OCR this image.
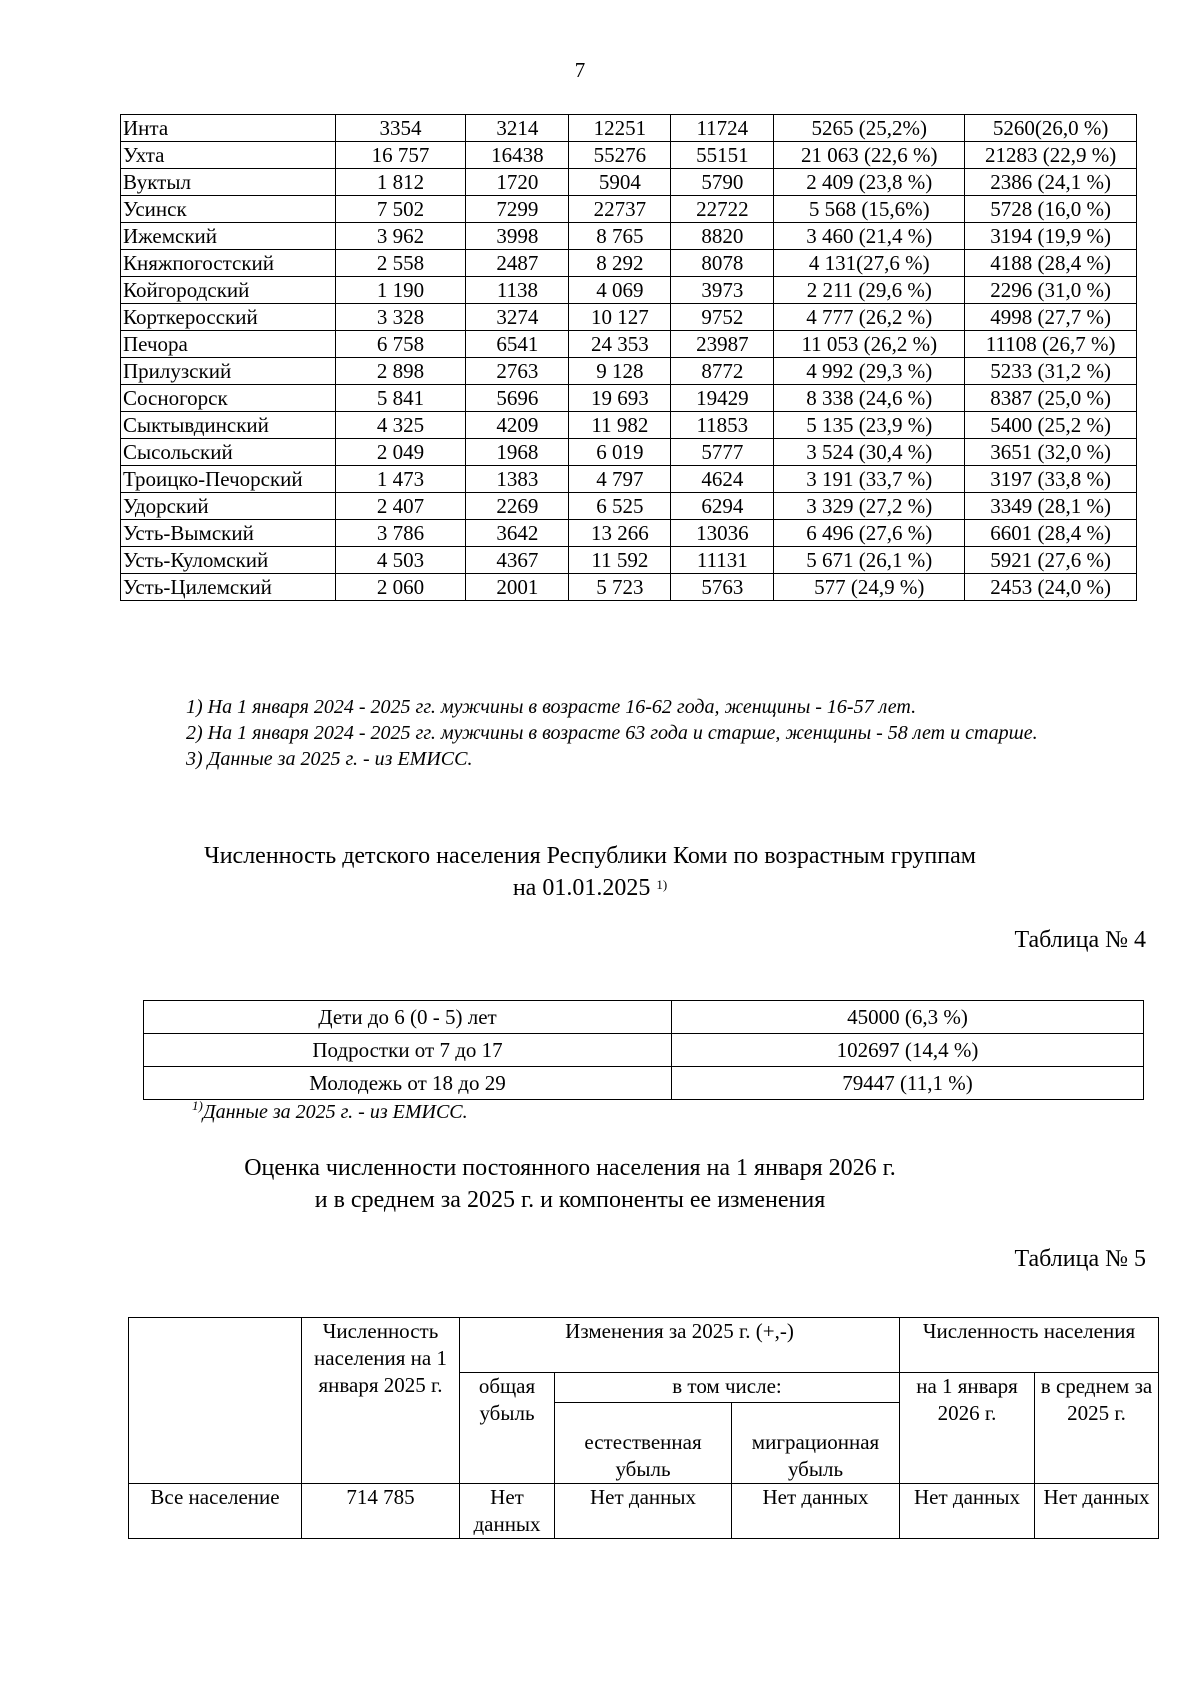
7
Инта	3354	3214	12251	11724	5265 (25,2%)	5260(26,0 %)
Ухта	16 757	16438	55276	55151	21 063 (22,6 %)	21283 (22,9 %)
Вуктыл	1 812	1720	5904	5790	2 409 (23,8 %)	2386 (24,1 %)
Усинск	7 502	7299	22737	22722	5 568 (15,6%)	5728 (16,0 %)
Ижемский	3 962	3998	8 765	8820	3 460 (21,4 %)	3194 (19,9 %)
Княжпогостский	2 558	2487	8 292	8078	4 131(27,6 %)	4188 (28,4 %)
Койгородский	1 190	1138	4 069	3973	2 211 (29,6 %)	2296 (31,0 %)
Корткеросский	3 328	3274	10 127	9752	4 777 (26,2 %)	4998 (27,7 %)
Печора	6 758	6541	24 353	23987	11 053 (26,2 %)	11108 (26,7 %)
Прилузский	2 898	2763	9 128	8772	4 992 (29,3 %)	5233 (31,2 %)
Сосногорск	5 841	5696	19 693	19429	8 338 (24,6 %)	8387 (25,0 %)
Сыктывдинский	4 325	4209	11 982	11853	5 135 (23,9 %)	5400 (25,2 %)
Сысольский	2 049	1968	6 019	5777	3 524 (30,4 %)	3651 (32,0 %)
Троицко-Печорский	1 473	1383	4 797	4624	3 191 (33,7 %)	3197 (33,8 %)
Удорский	2 407	2269	6 525	6294	3 329 (27,2 %)	3349 (28,1 %)
Усть-Вымский	3 786	3642	13 266	13036	6 496 (27,6 %)	6601 (28,4 %)
Усть-Куломский	4 503	4367	11 592	11131	5 671 (26,1 %)	5921 (27,6 %)
Усть-Цилемский	2 060	2001	5 723	5763	577 (24,9 %)	2453 (24,0 %)
1) На 1 января 2024 - 2025 гг. мужчины в возрасте 16-62 года, женщины - 16-57 лет.
2) На 1 января 2024 - 2025 гг. мужчины в возрасте 63 года и старше, женщины - 58 лет и старше.
3) Данные за 2025 г. - из ЕМИСС.
Численность детского населения Республики Коми по возрастным группам
на 01.01.2025 $^{1)}$
Таблица № 4
Дети до 6 (0 - 5) лет	45000 (6,3 %)
Подростки от 7 до 17	102697 (14,4 %)
Молодежь от 18 до 29	79447 (11,1 %)
$^{1)}$Данные за 2025 г. - из ЕМИСС.
Оценка численности постоянного населения на 1 января 2026 г.
и в среднем за 2025 г. и компоненты ее изменения
Таблица № 5
	Численность населения на 1 января 2025 г.	Изменения за 2025 г. (+,-)			Численность населения	
		общая убыль	в том числе:		на 1 января 2026 г.	в среднем за 2025 г.
			естественная убыль	миграционная убыль		
Все население	714 785	Нет данных	Нет данных	Нет данных	Нет данных	Нет данных
